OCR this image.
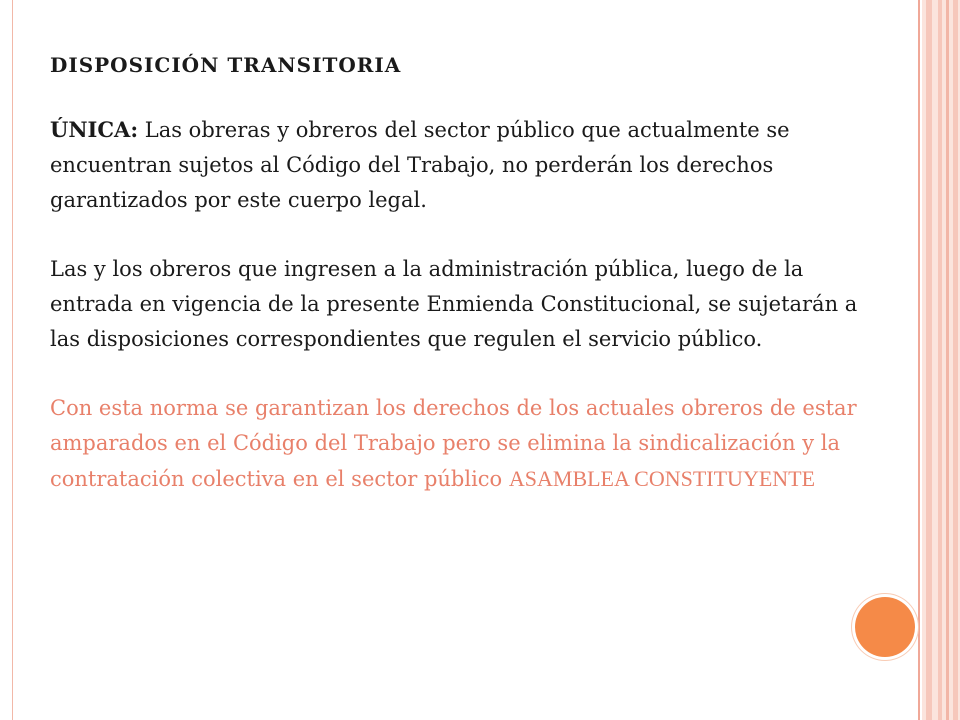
DISPOSICIÓN TRANSITORIA

ÚNICA: Las obreras y obreros del sector público que actualmente se encuentran sujetos al Código del Trabajo, no perderán los derechos garantizados por este cuerpo legal.

Las y los obreros que ingresen a la administración pública, luego de la entrada en vigencia de la presente Enmienda Constitucional, se sujetarán a las disposiciones correspondientes que regulen el servicio público.

Con esta norma se garantizan los derechos de los actuales obreros de estar amparados en el Código del Trabajo pero se elimina la sindicalización y la contratación colectiva en el sector público ASAMBLEA CONSTITUYENTE
